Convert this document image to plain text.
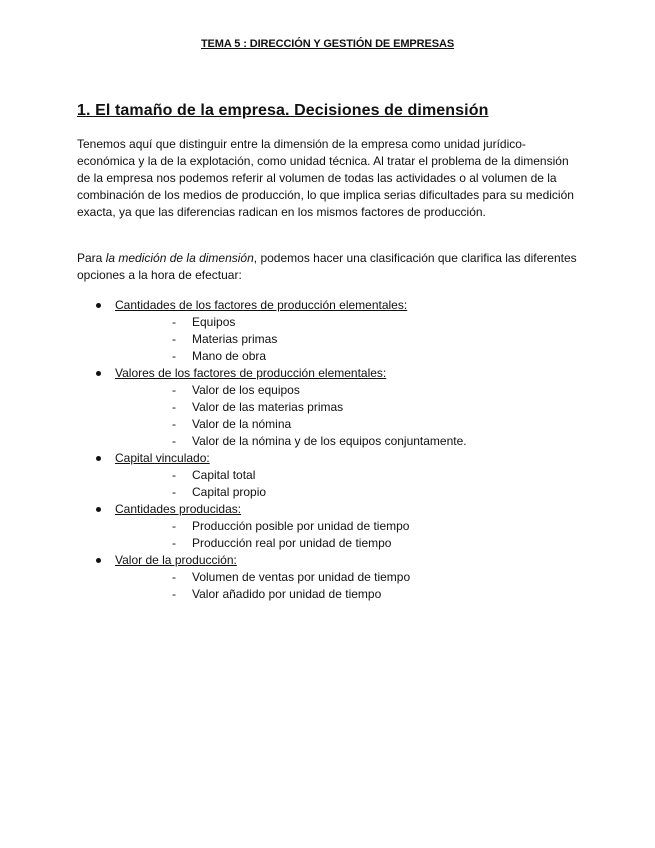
TEMA 5 : DIRECCIÓN Y GESTIÓN DE EMPRESAS
1. El tamaño de la empresa. Decisiones de dimensión

Tenemos aquí que distinguir entre la dimensión de la empresa como unidad jurídico-económica y la de la explotación, como unidad técnica. Al tratar el problema de la dimensión de la empresa nos podemos referir al volumen de todas las actividades o al volumen de la combinación de los medios de producción, lo que implica serias dificultades para su medición exacta, ya que las diferencias radican en los mismos factores de producción.

Para la medición de la dimensión, podemos hacer una clasificación que clarifica las diferentes opciones a la hora de efectuar:

Cantidades de los factores de producción elementales:
- Equipos
- Materias primas
- Mano de obra
Valores de los factores de producción elementales:
- Valor de los equipos
- Valor de las materias primas
- Valor de la nómina
- Valor de la nómina y de los equipos conjuntamente.
Capital vinculado:
- Capital total
- Capital propio
Cantidades producidas:
- Producción posible por unidad de tiempo
- Producción real por unidad de tiempo
Valor de la producción:
- Volumen de ventas por unidad de tiempo
- Valor añadido por unidad de tiempo
